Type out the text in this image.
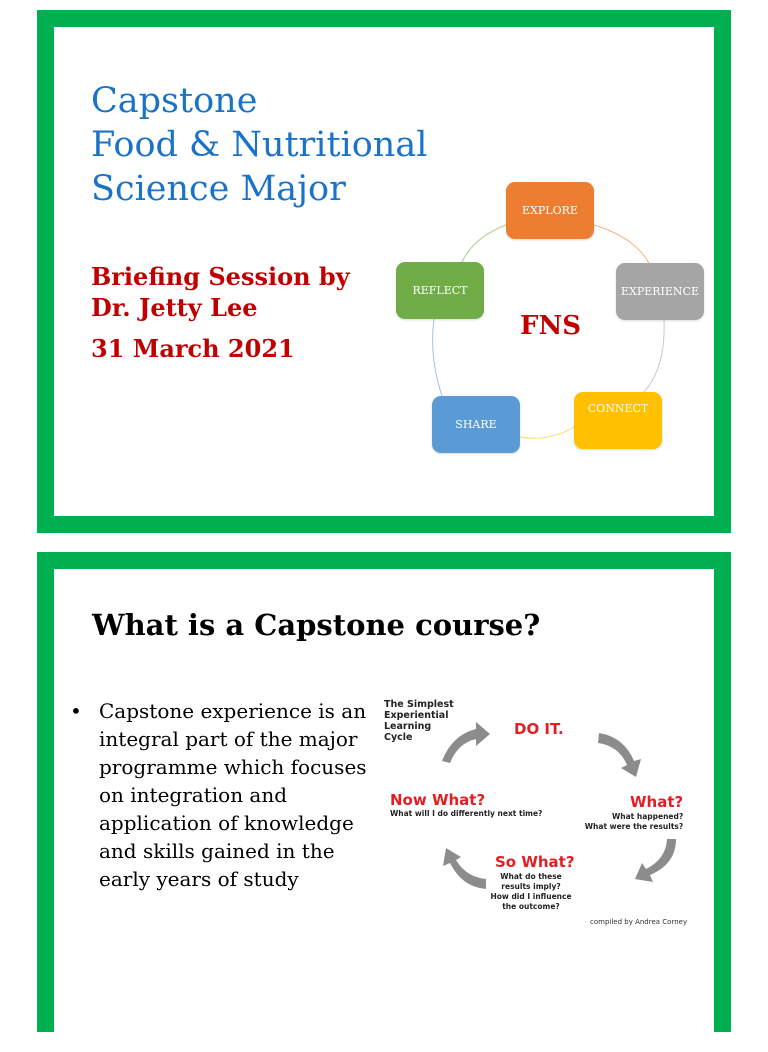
Capstone
Food & Nutritional
Science Major
Briefing Session by
Dr. Jetty Lee
31 March 2021
EXPLORE
EXPERIENCE
CONNECT
SHARE
REFLECT
FNS
What is a Capstone course?
• Capstone experience is an integral part of the major programme which focuses on integration and application of knowledge and skills gained in the early years of study
The Simplest
Experiential
Learning
Cycle	DO IT.
What?
What happened?
What were the results?
Now What?
What will I do differently next time?
So What?
What do these
results imply?
How did I influence
the outcome?
compiled by Andrea Corney
